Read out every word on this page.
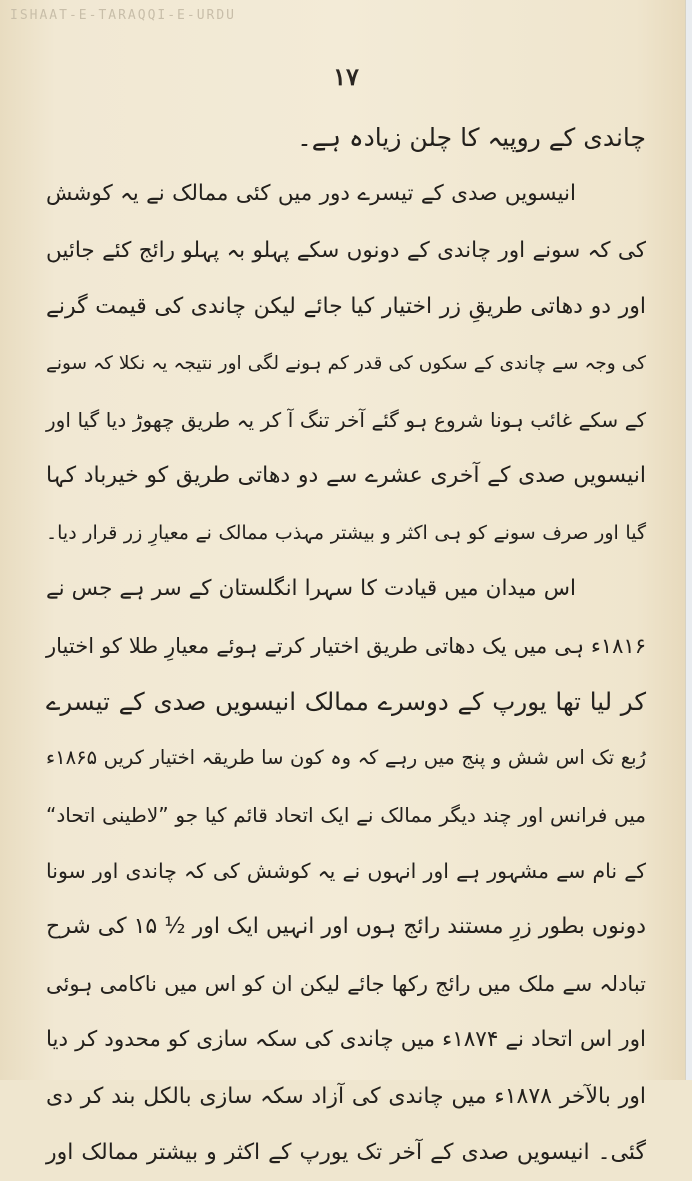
ISHAAT-E-TARAQQI-E-URDU
۱۷
چاندی کے روپیہ کا چلن زیادہ ہے۔
انیسویں صدی کے تیسرے دور میں کئی ممالک نے یہ کوشش
کی کہ سونے اور چاندی کے دونوں سکے پہلو بہ پہلو رائج کئے جائیں
اور دو دھاتی طریقِ زر اختیار کیا جائے لیکن چاندی کی قیمت گرنے
کی وجہ سے چاندی کے سکوں کی قدر کم ہونے لگی اور نتیجہ یہ نکلا کہ سونے
کے سکے غائب ہونا شروع ہو گئے آخر تنگ آ کر یہ طریق چھوڑ دیا گیا اور
انیسویں صدی کے آخری عشرے سے دو دھاتی طریق کو خیرباد کہا
گیا اور صرف سونے کو ہی اکثر و بیشتر مہذب ممالک نے معیارِ زر قرار دیا۔
اس میدان میں قیادت کا سہرا انگلستان کے سر ہے جس نے
۱۸۱۶ء ہی میں یک دھاتی طریق اختیار کرتے ہوئے معیارِ طلا کو اختیار
کر لیا تھا یورپ کے دوسرے ممالک انیسویں صدی کے تیسرے
رُبع تک اس شش و پنج میں رہے کہ وہ کون سا طریقہ اختیار کریں ۱۸۶۵ء
میں فرانس اور چند دیگر ممالک نے ایک اتحاد قائم کیا جو ”لاطینی اتحاد“
کے نام سے مشہور ہے اور انہوں نے یہ کوشش کی کہ چاندی اور سونا
دونوں بطور زرِ مستند رائج ہوں اور انہیں ایک اور ½ ۱۵ کی شرح
تبادلہ سے ملک میں رائج رکھا جائے لیکن ان کو اس میں ناکامی ہوئی
اور اس اتحاد نے ۱۸۷۴ء میں چاندی کی سکہ سازی کو محدود کر دیا
اور بالآخر ۱۸۷۸ء میں چاندی کی آزاد سکہ سازی بالکل بند کر دی
گئی۔ انیسویں صدی کے آخر تک یورپ کے اکثر و بیشتر ممالک اور
